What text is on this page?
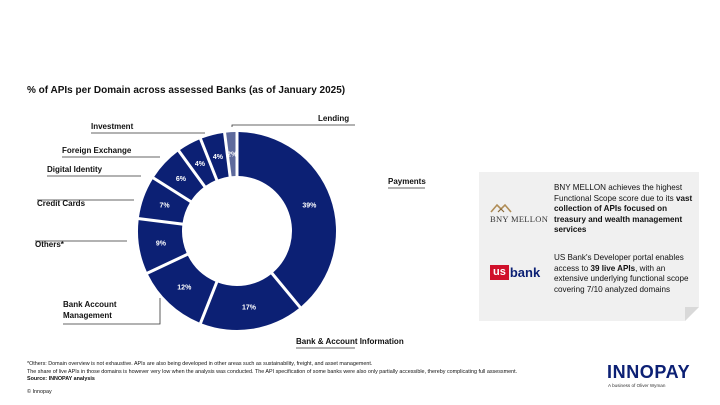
% of APIs per Domain across assessed Banks (as of January 2025)
39%
Payments
17%
Bank & Account Information
12%
Bank Account Management
9%
Others*
7%
Credit Cards
6%
Digital Identity
4%
Foreign Exchange
4%
Investment
2%
Lending
BNY MELLON
BNY MELLON achieves the highest Functional Scope score due to its vast collection of APIs focused on treasury and wealth management services
us bank
US Bank's Developer portal enables access to 39 live APIs, with an extensive underlying functional scope covering 7/10 analyzed domains
*Others: Domain overview is not exhaustive. APIs are also being developed in other areas such as sustainability, freight, and asset management.
The share of live APIs in those domains is however very low when the analysis was conducted. The API specification of some banks were also only partially accessible, thereby complicating full assessment.
Source: INNOPAY analysis
© Innopay
INNOPAY
A business of Oliver Wyman
